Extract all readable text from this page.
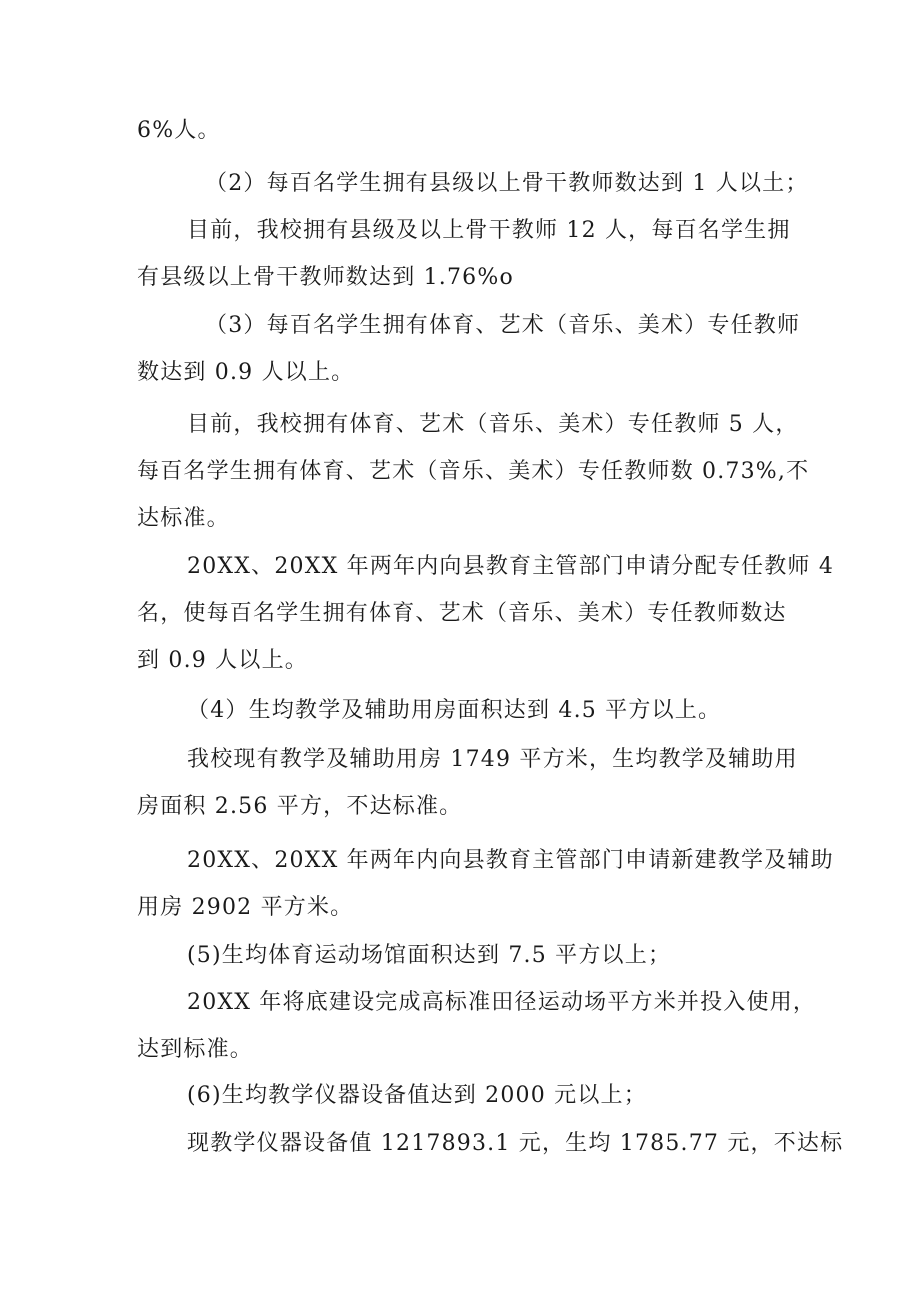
6%人。

（2）每百名学生拥有县级以上骨干教师数达到 1 人以土；

目前，我校拥有县级及以上骨干教师 12 人，每百名学生拥
有县级以上骨干教师数达到 1.76%o

（3）每百名学生拥有体育、艺术（音乐、美术）专任教师
数达到 0.9 人以上。

目前，我校拥有体育、艺术（音乐、美术）专任教师 5 人，
每百名学生拥有体育、艺术（音乐、美术）专任教师数 0.73%,不
达标准。

20XX、20XX 年两年内向县教育主管部门申请分配专任教师 4
名，使每百名学生拥有体育、艺术（音乐、美术）专任教师数达
到 0.9 人以上。

（4）生均教学及辅助用房面积达到 4.5 平方以上。

我校现有教学及辅助用房 1749 平方米，生均教学及辅助用
房面积 2.56 平方，不达标准。

20XX、20XX 年两年内向县教育主管部门申请新建教学及辅助
用房 2902 平方米。

(5)生均体育运动场馆面积达到 7.5 平方以上；

20XX 年将底建设完成高标准田径运动场平方米并投入使用，
达到标准。

(6)生均教学仪器设备值达到 2000 元以上；

现教学仪器设备值 1217893.1 元，生均 1785.77 元，不达标
